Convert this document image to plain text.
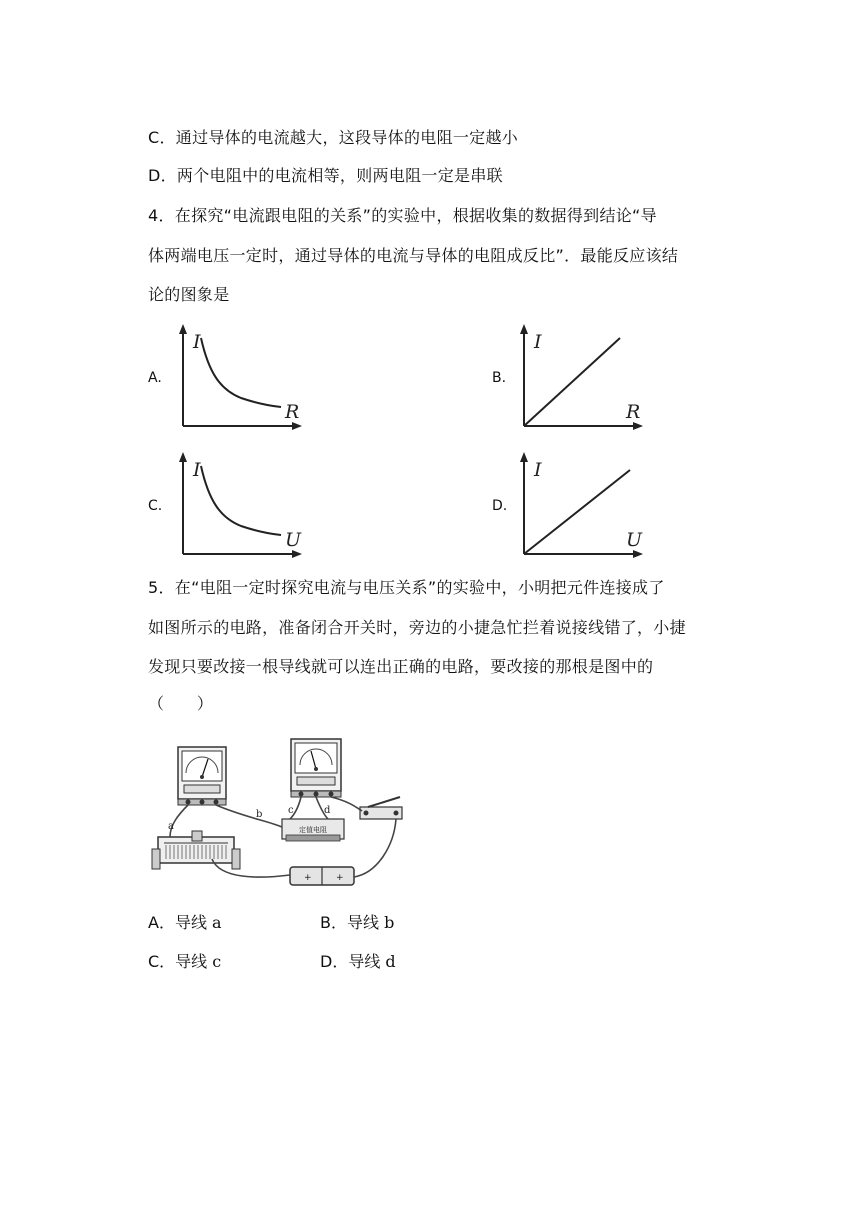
C．通过导体的电流越大，这段导体的电阻一定越小
D．两个电阻中的电流相等，则两电阻一定是串联
4．在探究“电流跟电阻的关系”的实验中，根据收集的数据得到结论“导
体两端电压一定时，通过导体的电流与导体的电阻成反比”．最能反应该结
论的图象是
A.
I
R
B.
I
R
C.
I
U
D.
I
U
5．在“电阻一定时探究电流与电压关系”的实验中，小明把元件连接成了
如图所示的电路，准备闭合开关时，旁边的小捷急忙拦着说接线错了，小捷
发现只要改接一根导线就可以连出正确的电路，要改接的那根是图中的
（　　）
定值电阻
+	+
a
b	c	d
A．导线 a	B．导线 b
C．导线 c	D．导线 d
